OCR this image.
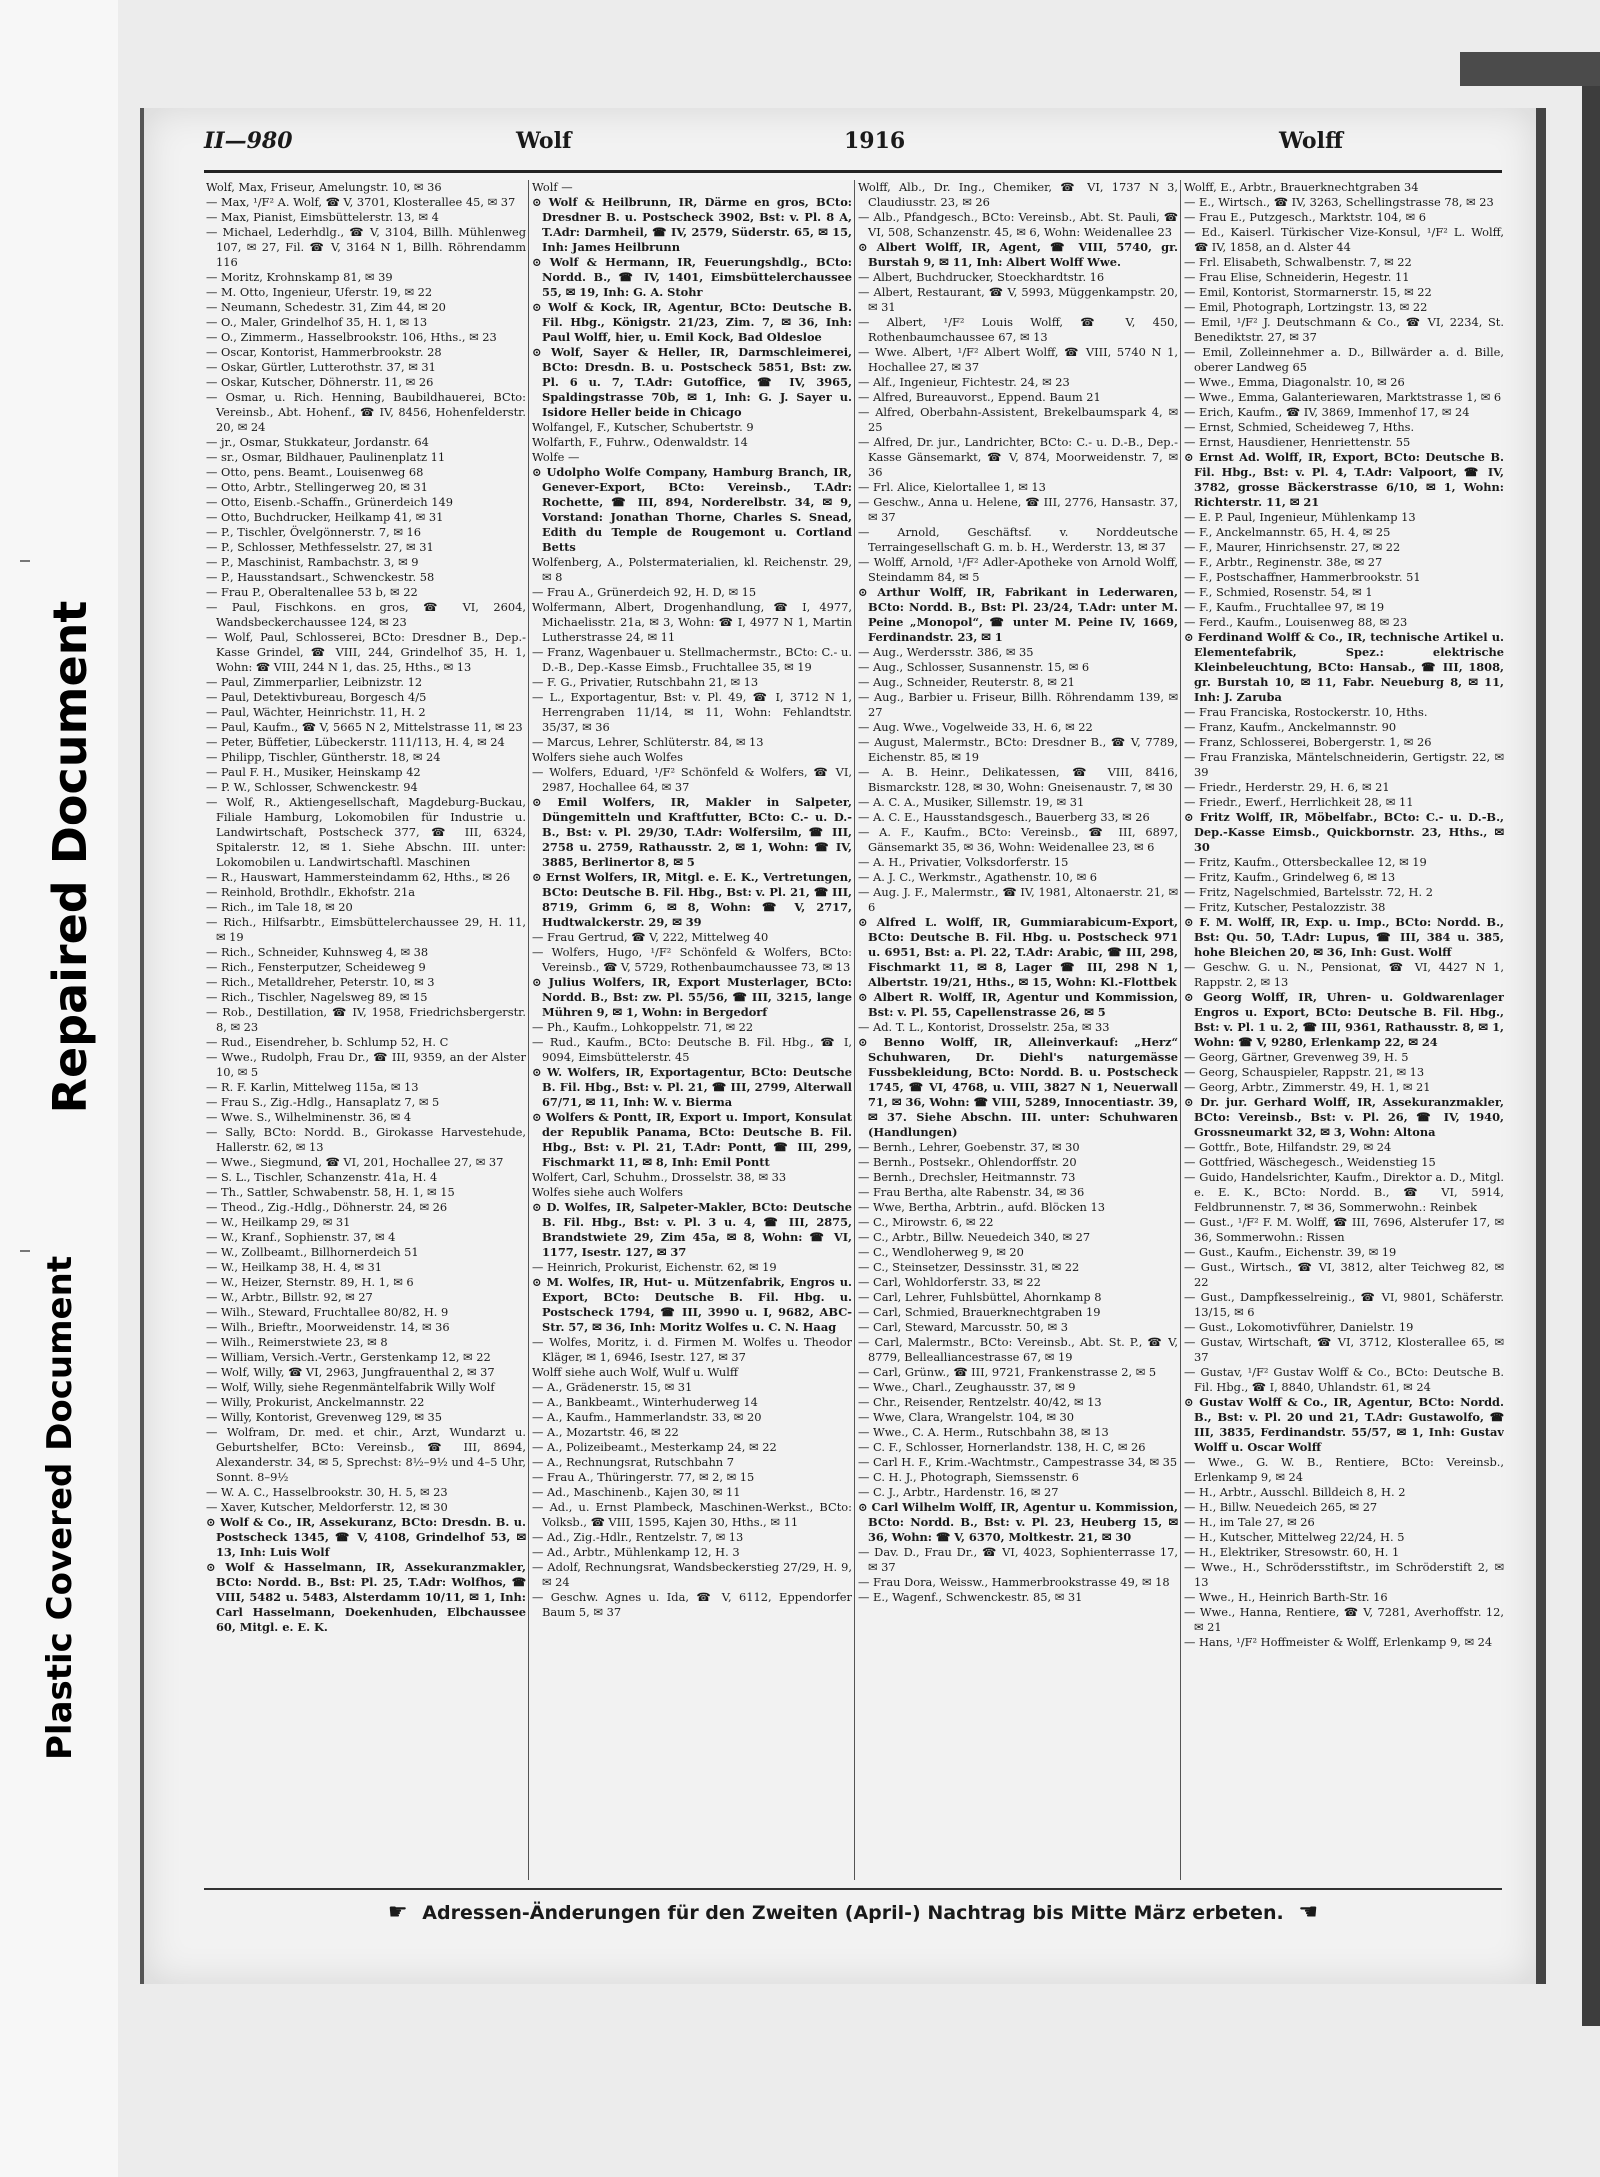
Repaired Document
Plastic Covered Document
II—980	Wolf	1916	Wolff

Wolf, Max, Friseur, Amelungstr. 10, ✉ 36

— Max, ¹/F² A. Wolf, ☎ V, 3701, Klosterallee 45, ✉ 37

— Max, Pianist, Eimsbüttelerstr. 13, ✉ 4

— Michael, Lederhdlg., ☎ V, 3104, Billh. Mühlenweg 107, ✉ 27, Fil. ☎ V, 3164 N 1, Billh. Röhrendamm 116

— Moritz, Krohnskamp 81, ✉ 39

— M. Otto, Ingenieur, Uferstr. 19, ✉ 22

— Neumann, Schedestr. 31, Zim 44, ✉ 20

— O., Maler, Grindelhof 35, H. 1, ✉ 13

— O., Zimmerm., Hasselbrookstr. 106, Hths., ✉ 23

— Oscar, Kontorist, Hammerbrookstr. 28

— Oskar, Gürtler, Lutterothstr. 37, ✉ 31

— Oskar, Kutscher, Döhnerstr. 11, ✉ 26

— Osmar, u. Rich. Henning, Baubildhauerei, BCto: Vereinsb., Abt. Hohenf., ☎ IV, 8456, Hohenfelderstr. 20, ✉ 24

— jr., Osmar, Stukkateur, Jordanstr. 64

— sr., Osmar, Bildhauer, Paulinenplatz 11

— Otto, pens. Beamt., Louisenweg 68

— Otto, Arbtr., Stellingerweg 20, ✉ 31

— Otto, Eisenb.-Schaffn., Grünerdeich 149

— Otto, Buchdrucker, Heilkamp 41, ✉ 31

— P., Tischler, Övelgönnerstr. 7, ✉ 16

— P., Schlosser, Methfesselstr. 27, ✉ 31

— P., Maschinist, Rambachstr. 3, ✉ 9

— P., Hausstandsart., Schwenckestr. 58

— Frau P., Oberaltenallee 53 b, ✉ 22

— Paul, Fischkons. en gros, ☎ VI, 2604, Wandsbeckerchaussee 124, ✉ 23

— Wolf, Paul, Schlosserei, BCto: Dresdner B., Dep.-Kasse Grindel, ☎ VIII, 244, Grindelhof 35, H. 1, Wohn: ☎ VIII, 244 N 1, das. 25, Hths., ✉ 13

— Paul, Zimmerparlier, Leibnizstr. 12

— Paul, Detektivbureau, Borgesch 4/5

— Paul, Wächter, Heinrichstr. 11, H. 2

— Paul, Kaufm., ☎ V, 5665 N 2, Mittelstrasse 11, ✉ 23

— Peter, Büffetier, Lübeckerstr. 111/113, H. 4, ✉ 24

— Philipp, Tischler, Güntherstr. 18, ✉ 24

— Paul F. H., Musiker, Heinskamp 42

— P. W., Schlosser, Schwenckestr. 94

— Wolf, R., Aktiengesellschaft, Magdeburg-Buckau, Filiale Hamburg, Lokomobilen für Industrie u. Landwirtschaft, Postscheck 377, ☎ III, 6324, Spitalerstr. 12, ✉ 1. Siehe Abschn. III. unter: Lokomobilen u. Landwirtschaftl. Maschinen

— R., Hauswart, Hammersteindamm 62, Hths., ✉ 26

— Reinhold, Brothdlr., Ekhofstr. 21a

— Rich., im Tale 18, ✉ 20

— Rich., Hilfsarbtr., Eimsbüttelerchaussee 29, H. 11, ✉ 19

— Rich., Schneider, Kuhnsweg 4, ✉ 38

— Rich., Fensterputzer, Scheideweg 9

— Rich., Metalldreher, Peterstr. 10, ✉ 3

— Rich., Tischler, Nagelsweg 89, ✉ 15

— Rob., Destillation, ☎ IV, 1958, Friedrichsbergerstr. 8, ✉ 23

— Rud., Eisendreher, b. Schlump 52, H. C

— Wwe., Rudolph, Frau Dr., ☎ III, 9359, an der Alster 10, ✉ 5

— R. F. Karlin, Mittelweg 115a, ✉ 13

— Frau S., Zig.-Hdlg., Hansaplatz 7, ✉ 5

— Wwe. S., Wilhelminenstr. 36, ✉ 4

— Sally, BCto: Nordd. B., Girokasse Harvestehude, Hallerstr. 62, ✉ 13

— Wwe., Siegmund, ☎ VI, 201, Hochallee 27, ✉ 37

— S. L., Tischler, Schanzenstr. 41a, H. 4

— Th., Sattler, Schwabenstr. 58, H. 1, ✉ 15

— Theod., Zig.-Hdlg., Döhnerstr. 24, ✉ 26

— W., Heilkamp 29, ✉ 31

— W., Kranf., Sophienstr. 37, ✉ 4

— W., Zollbeamt., Billhornerdeich 51

— W., Heilkamp 38, H. 4, ✉ 31

— W., Heizer, Sternstr. 89, H. 1, ✉ 6

— W., Arbtr., Billstr. 92, ✉ 27

— Wilh., Steward, Fruchtallee 80/82, H. 9

— Wilh., Brieftr., Moorweidenstr. 14, ✉ 36

— Wilh., Reimerstwiete 23, ✉ 8

— William, Versich.-Vertr., Gerstenkamp 12, ✉ 22

— Wolf, Willy, ☎ VI, 2963, Jungfrauenthal 2, ✉ 37

— Wolf, Willy, siehe Regenmäntelfabrik Willy Wolf

— Willy, Prokurist, Anckelmannstr. 22

— Willy, Kontorist, Grevenweg 129, ✉ 35

— Wolfram, Dr. med. et chir., Arzt, Wundarzt u. Geburtshelfer, BCto: Vereinsb., ☎ III, 8694, Alexanderstr. 34, ✉ 5, Sprechst: 8½–9½ und 4–5 Uhr, Sonnt. 8–9½

— W. A. C., Hasselbrookstr. 30, H. 5, ✉ 23

— Xaver, Kutscher, Meldorferstr. 12, ✉ 30

⊙ Wolf & Co., IR, Assekuranz, BCto: Dresdn. B. u. Postscheck 1345, ☎ V, 4108, Grindelhof 53, ✉ 13, Inh: Luis Wolf

⊙ Wolf & Hasselmann, IR, Assekuranzmakler, BCto: Nordd. B., Bst: Pl. 25, T.Adr: Wolfhos, ☎ VIII, 5482 u. 5483, Alsterdamm 10/11, ✉ 1, Inh: Carl Hasselmann, Doekenhuden, Elbchaussee 60, Mitgl. e. E. K.

Wolf —

⊙ Wolf & Heilbrunn, IR, Därme en gros, BCto: Dresdner B. u. Postscheck 3902, Bst: v. Pl. 8 A, T.Adr: Darmheil, ☎ IV, 2579, Süderstr. 65, ✉ 15, Inh: James Heilbrunn

⊙ Wolf & Hermann, IR, Feuerungshdlg., BCto: Nordd. B., ☎ IV, 1401, Eimsbüttelerchaussee 55, ✉ 19, Inh: G. A. Stohr

⊙ Wolf & Kock, IR, Agentur, BCto: Deutsche B. Fil. Hbg., Königstr. 21/23, Zim. 7, ✉ 36, Inh: Paul Wolff, hier, u. Emil Kock, Bad Oldesloe

⊙ Wolf, Sayer & Heller, IR, Darmschleimerei, BCto: Dresdn. B. u. Postscheck 5851, Bst: zw. Pl. 6 u. 7, T.Adr: Gutoffice, ☎ IV, 3965, Spaldingstrasse 70b, ✉ 1, Inh: G. J. Sayer u. Isidore Heller beide in Chicago

Wolfangel, F., Kutscher, Schubertstr. 9

Wolfarth, F., Fuhrw., Odenwaldstr. 14

Wolfe —

⊙ Udolpho Wolfe Company, Hamburg Branch, IR, Genever-Export, BCto: Vereinsb., T.Adr: Rochette, ☎ III, 894, Norderelbstr. 34, ✉ 9, Vorstand: Jonathan Thorne, Charles S. Snead, Edith du Temple de Rougemont u. Cortland Betts

Wolfenberg, A., Polstermaterialien, kl. Reichenstr. 29, ✉ 8

— Frau A., Grünerdeich 92, H. D, ✉ 15

Wolfermann, Albert, Drogenhandlung, ☎ I, 4977, Michaelisstr. 21a, ✉ 3, Wohn: ☎ I, 4977 N 1, Martin Lutherstrasse 24, ✉ 11

— Franz, Wagenbauer u. Stellmachermstr., BCto: C.- u. D.-B., Dep.-Kasse Eimsb., Fruchtallee 35, ✉ 19

— F. G., Privatier, Rutschbahn 21, ✉ 13

— L., Exportagentur, Bst: v. Pl. 49, ☎ I, 3712 N 1, Herrengraben 11/14, ✉ 11, Wohn: Fehlandtstr. 35/37, ✉ 36

— Marcus, Lehrer, Schlüterstr. 84, ✉ 13

Wolfers siehe auch Wolfes

— Wolfers, Eduard, ¹/F² Schönfeld & Wolfers, ☎ VI, 2987, Hochallee 64, ✉ 37

⊙ Emil Wolfers, IR, Makler in Salpeter, Düngemitteln und Kraftfutter, BCto: C.- u. D.-B., Bst: v. Pl. 29/30, T.Adr: Wolfersilm, ☎ III, 2758 u. 2759, Rathausstr. 2, ✉ 1, Wohn: ☎ IV, 3885, Berlinertor 8, ✉ 5

⊙ Ernst Wolfers, IR, Mitgl. e. E. K., Vertretungen, BCto: Deutsche B. Fil. Hbg., Bst: v. Pl. 21, ☎ III, 8719, Grimm 6, ✉ 8, Wohn: ☎ V, 2717, Hudtwalckerstr. 29, ✉ 39

— Frau Gertrud, ☎ V, 222, Mittelweg 40

— Wolfers, Hugo, ¹/F² Schönfeld & Wolfers, BCto: Vereinsb., ☎ V, 5729, Rothenbaumchaussee 73, ✉ 13

⊙ Julius Wolfers, IR, Export Musterlager, BCto: Nordd. B., Bst: zw. Pl. 55/56, ☎ III, 3215, lange Mühren 9, ✉ 1, Wohn: in Bergedorf

— Ph., Kaufm., Lohkoppelstr. 71, ✉ 22

— Rud., Kaufm., BCto: Deutsche B. Fil. Hbg., ☎ I, 9094, Eimsbüttelerstr. 45

⊙ W. Wolfers, IR, Exportagentur, BCto: Deutsche B. Fil. Hbg., Bst: v. Pl. 21, ☎ III, 2799, Alterwall 67/71, ✉ 11, Inh: W. v. Bierma

⊙ Wolfers & Pontt, IR, Export u. Import, Konsulat der Republik Panama, BCto: Deutsche B. Fil. Hbg., Bst: v. Pl. 21, T.Adr: Pontt, ☎ III, 299, Fischmarkt 11, ✉ 8, Inh: Emil Pontt

Wolfert, Carl, Schuhm., Drosselstr. 38, ✉ 33

Wolfes siehe auch Wolfers

⊙ D. Wolfes, IR, Salpeter-Makler, BCto: Deutsche B. Fil. Hbg., Bst: v. Pl. 3 u. 4, ☎ III, 2875, Brandstwiete 29, Zim 45a, ✉ 8, Wohn: ☎ VI, 1177, Isestr. 127, ✉ 37

— Heinrich, Prokurist, Eichenstr. 62, ✉ 19

⊙ M. Wolfes, IR, Hut- u. Mützenfabrik, Engros u. Export, BCto: Deutsche B. Fil. Hbg. u. Postscheck 1794, ☎ III, 3990 u. I, 9682, ABC-Str. 57, ✉ 36, Inh: Moritz Wolfes u. C. N. Haag

— Wolfes, Moritz, i. d. Firmen M. Wolfes u. Theodor Kläger, ✉ 1, 6946, Isestr. 127, ✉ 37

Wolff siehe auch Wolf, Wulf u. Wulff

— A., Grädenerstr. 15, ✉ 31

— A., Bankbeamt., Winterhuderweg 14

— A., Kaufm., Hammerlandstr. 33, ✉ 20

— A., Mozartstr. 46, ✉ 22

— A., Polizeibeamt., Mesterkamp 24, ✉ 22

— A., Rechnungsrat, Rutschbahn 7

— Frau A., Thüringerstr. 77, ✉ 2, ✉ 15

— Ad., Maschinenb., Kajen 30, ✉ 11

— Ad., u. Ernst Plambeck, Maschinen-Werkst., BCto: Volksb., ☎ VIII, 1595, Kajen 30, Hths., ✉ 11

— Ad., Zig.-Hdlr., Rentzelstr. 7, ✉ 13

— Ad., Arbtr., Mühlenkamp 12, H. 3

— Adolf, Rechnungsrat, Wandsbeckerstieg 27/29, H. 9, ✉ 24

— Geschw. Agnes u. Ida, ☎ V, 6112, Eppendorfer Baum 5, ✉ 37

Wolff, Alb., Dr. Ing., Chemiker, ☎ VI, 1737 N 3, Claudiusstr. 23, ✉ 26

— Alb., Pfandgesch., BCto: Vereinsb., Abt. St. Pauli, ☎ VI, 508, Schanzenstr. 45, ✉ 6, Wohn: Weidenallee 23

⊙ Albert Wolff, IR, Agent, ☎ VIII, 5740, gr. Burstah 9, ✉ 11, Inh: Albert Wolff Wwe.

— Albert, Buchdrucker, Stoeckhardtstr. 16

— Albert, Restaurant, ☎ V, 5993, Müggenkampstr. 20, ✉ 31

— Albert, ¹/F² Louis Wolff, ☎ V, 450, Rothenbaumchaussee 67, ✉ 13

— Wwe. Albert, ¹/F² Albert Wolff, ☎ VIII, 5740 N 1, Hochallee 27, ✉ 37

— Alf., Ingenieur, Fichtestr. 24, ✉ 23

— Alfred, Bureauvorst., Eppend. Baum 21

— Alfred, Oberbahn-Assistent, Brekelbaumspark 4, ✉ 25

— Alfred, Dr. jur., Landrichter, BCto: C.- u. D.-B., Dep.-Kasse Gänsemarkt, ☎ V, 874, Moorweidenstr. 7, ✉ 36

— Frl. Alice, Kielortallee 1, ✉ 13

— Geschw., Anna u. Helene, ☎ III, 2776, Hansastr. 37, ✉ 37

— Arnold, Geschäftsf. v. Norddeutsche Terraingesellschaft G. m. b. H., Werderstr. 13, ✉ 37

— Wolff, Arnold, ¹/F² Adler-Apotheke von Arnold Wolff, Steindamm 84, ✉ 5

⊙ Arthur Wolff, IR, Fabrikant in Lederwaren, BCto: Nordd. B., Bst: Pl. 23/24, T.Adr: unter M. Peine „Monopol“, ☎ unter M. Peine IV, 1669, Ferdinandstr. 23, ✉ 1

— Aug., Werdersstr. 386, ✉ 35

— Aug., Schlosser, Susannenstr. 15, ✉ 6

— Aug., Schneider, Reuterstr. 8, ✉ 21

— Aug., Barbier u. Friseur, Billh. Röhrendamm 139, ✉ 27

— Aug. Wwe., Vogelweide 33, H. 6, ✉ 22

— August, Malermstr., BCto: Dresdner B., ☎ V, 7789, Eichenstr. 85, ✉ 19

— A. B. Heinr., Delikatessen, ☎ VIII, 8416, Bismarckstr. 128, ✉ 30, Wohn: Gneisenaustr. 7, ✉ 30

— A. C. A., Musiker, Sillemstr. 19, ✉ 31

— A. C. E., Hausstandsgesch., Bauerberg 33, ✉ 26

— A. F., Kaufm., BCto: Vereinsb., ☎ III, 6897, Gänsemarkt 35, ✉ 36, Wohn: Weidenallee 23, ✉ 6

— A. H., Privatier, Volksdorferstr. 15

— A. J. C., Werkmstr., Agathenstr. 10, ✉ 6

— Aug. J. F., Malermstr., ☎ IV, 1981, Altonaerstr. 21, ✉ 6

⊙ Alfred L. Wolff, IR, Gummiarabicum-Export, BCto: Deutsche B. Fil. Hbg. u. Postscheck 971 u. 6951, Bst: a. Pl. 22, T.Adr: Arabic, ☎ III, 298, Fischmarkt 11, ✉ 8, Lager ☎ III, 298 N 1, Albertstr. 19/21, Hths., ✉ 15, Wohn: Kl.-Flottbek

⊙ Albert R. Wolff, IR, Agentur und Kommission, Bst: v. Pl. 55, Capellenstrasse 26, ✉ 5

— Ad. T. L., Kontorist, Drosselstr. 25a, ✉ 33

⊙ Benno Wolff, IR, Alleinverkauf: „Herz“ Schuhwaren, Dr. Diehl's naturgemässe Fussbekleidung, BCto: Nordd. B. u. Postscheck 1745, ☎ VI, 4768, u. VIII, 3827 N 1, Neuerwall 71, ✉ 36, Wohn: ☎ VIII, 5289, Innocentiastr. 39, ✉ 37. Siehe Abschn. III. unter: Schuhwaren (Handlungen)

— Bernh., Lehrer, Goebenstr. 37, ✉ 30

— Bernh., Postsekr., Ohlendorffstr. 20

— Bernh., Drechsler, Heitmannstr. 73

— Frau Bertha, alte Rabenstr. 34, ✉ 36

— Wwe, Bertha, Arbtrin., aufd. Blöcken 13

— C., Mirowstr. 6, ✉ 22

— C., Arbtr., Billw. Neuedeich 340, ✉ 27

— C., Wendloherweg 9, ✉ 20

— C., Steinsetzer, Dessinsstr. 31, ✉ 22

— Carl, Wohldorferstr. 33, ✉ 22

— Carl, Lehrer, Fuhlsbüttel, Ahornkamp 8

— Carl, Schmied, Brauerknechtgraben 19

— Carl, Steward, Marcusstr. 50, ✉ 3

— Carl, Malermstr., BCto: Vereinsb., Abt. St. P., ☎ V, 8779, Bellealliancestrasse 67, ✉ 19

— Carl, Grünw., ☎ III, 9721, Frankenstrasse 2, ✉ 5

— Wwe., Charl., Zeughausstr. 37, ✉ 9

— Chr., Reisender, Rentzelstr. 40/42, ✉ 13

— Wwe, Clara, Wrangelstr. 104, ✉ 30

— Wwe., C. A. Herm., Rutschbahn 38, ✉ 13

— C. F., Schlosser, Hornerlandstr. 138, H. C, ✉ 26

— Carl H. F., Krim.-Wachtmstr., Campestrasse 34, ✉ 35

— C. H. J., Photograph, Siemssenstr. 6

— C. J., Arbtr., Hardenstr. 16, ✉ 27

⊙ Carl Wilhelm Wolff, IR, Agentur u. Kommission, BCto: Nordd. B., Bst: v. Pl. 23, Heuberg 15, ✉ 36, Wohn: ☎ V, 6370, Moltkestr. 21, ✉ 30

— Dav. D., Frau Dr., ☎ VI, 4023, Sophienterrasse 17, ✉ 37

— Frau Dora, Weissw., Hammerbrookstrasse 49, ✉ 18

— E., Wagenf., Schwenckestr. 85, ✉ 31

Wolff, E., Arbtr., Brauerknechtgraben 34

— E., Wirtsch., ☎ IV, 3263, Schellingstrasse 78, ✉ 23

— Frau E., Putzgesch., Marktstr. 104, ✉ 6

— Ed., Kaiserl. Türkischer Vize-Konsul, ¹/F² L. Wolff, ☎ IV, 1858, an d. Alster 44

— Frl. Elisabeth, Schwalbenstr. 7, ✉ 22

— Frau Elise, Schneiderin, Hegestr. 11

— Emil, Kontorist, Stormarnerstr. 15, ✉ 22

— Emil, Photograph, Lortzingstr. 13, ✉ 22

— Emil, ¹/F² J. Deutschmann & Co., ☎ VI, 2234, St. Benediktstr. 27, ✉ 37

— Emil, Zolleinnehmer a. D., Billwärder a. d. Bille, oberer Landweg 65

— Wwe., Emma, Diagonalstr. 10, ✉ 26

— Wwe., Emma, Galanteriewaren, Marktstrasse 1, ✉ 6

— Erich, Kaufm., ☎ IV, 3869, Immenhof 17, ✉ 24

— Ernst, Schmied, Scheideweg 7, Hths.

— Ernst, Hausdiener, Henriettenstr. 55

⊙ Ernst Ad. Wolff, IR, Export, BCto: Deutsche B. Fil. Hbg., Bst: v. Pl. 4, T.Adr: Valpoort, ☎ IV, 3782, grosse Bäckerstrasse 6/10, ✉ 1, Wohn: Richterstr. 11, ✉ 21

— E. P. Paul, Ingenieur, Mühlenkamp 13

— F., Anckelmannstr. 65, H. 4, ✉ 25

— F., Maurer, Hinrichsenstr. 27, ✉ 22

— F., Arbtr., Reginenstr. 38e, ✉ 27

— F., Postschaffner, Hammerbrookstr. 51

— F., Schmied, Rosenstr. 54, ✉ 1

— F., Kaufm., Fruchtallee 97, ✉ 19

— Ferd., Kaufm., Louisenweg 88, ✉ 23

⊙ Ferdinand Wolff & Co., IR, technische Artikel u. Elementefabrik, Spez.: elektrische Kleinbeleuchtung, BCto: Hansab., ☎ III, 1808, gr. Burstah 10, ✉ 11, Fabr. Neueburg 8, ✉ 11, Inh: J. Zaruba

— Frau Franciska, Rostockerstr. 10, Hths.

— Franz, Kaufm., Anckelmannstr. 90

— Franz, Schlosserei, Bobergerstr. 1, ✉ 26

— Frau Franziska, Mäntelschneiderin, Gertigstr. 22, ✉ 39

— Friedr., Herderstr. 29, H. 6, ✉ 21

— Friedr., Ewerf., Herrlichkeit 28, ✉ 11

⊙ Fritz Wolff, IR, Möbelfabr., BCto: C.- u. D.-B., Dep.-Kasse Eimsb., Quickbornstr. 23, Hths., ✉ 30

— Fritz, Kaufm., Ottersbeckallee 12, ✉ 19

— Fritz, Kaufm., Grindelweg 6, ✉ 13

— Fritz, Nagelschmied, Bartelsstr. 72, H. 2

— Fritz, Kutscher, Pestalozzistr. 38

⊙ F. M. Wolff, IR, Exp. u. Imp., BCto: Nordd. B., Bst: Qu. 50, T.Adr: Lupus, ☎ III, 384 u. 385, hohe Bleichen 20, ✉ 36, Inh: Gust. Wolff

— Geschw. G. u. N., Pensionat, ☎ VI, 4427 N 1, Rappstr. 2, ✉ 13

⊙ Georg Wolff, IR, Uhren- u. Goldwarenlager Engros u. Export, BCto: Deutsche B. Fil. Hbg., Bst: v. Pl. 1 u. 2, ☎ III, 9361, Rathausstr. 8, ✉ 1, Wohn: ☎ V, 9280, Erlenkamp 22, ✉ 24

— Georg, Gärtner, Grevenweg 39, H. 5

— Georg, Schauspieler, Rappstr. 21, ✉ 13

— Georg, Arbtr., Zimmerstr. 49, H. 1, ✉ 21

⊙ Dr. jur. Gerhard Wolff, IR, Assekuranzmakler, BCto: Vereinsb., Bst: v. Pl. 26, ☎ IV, 1940, Grossneumarkt 32, ✉ 3, Wohn: Altona

— Gottfr., Bote, Hilfandstr. 29, ✉ 24

— Gottfried, Wäschegesch., Weidenstieg 15

— Guido, Handelsrichter, Kaufm., Direktor a. D., Mitgl. e. E. K., BCto: Nordd. B., ☎ VI, 5914, Feldbrunnenstr. 7, ✉ 36, Sommerwohn.: Reinbek

— Gust., ¹/F² F. M. Wolff, ☎ III, 7696, Alsterufer 17, ✉ 36, Sommerwohn.: Rissen

— Gust., Kaufm., Eichenstr. 39, ✉ 19

— Gust., Wirtsch., ☎ VI, 3812, alter Teichweg 82, ✉ 22

— Gust., Dampfkesselreinig., ☎ VI, 9801, Schäferstr. 13/15, ✉ 6

— Gust., Lokomotivführer, Danielstr. 19

— Gustav, Wirtschaft, ☎ VI, 3712, Klosterallee 65, ✉ 37

— Gustav, ¹/F² Gustav Wolff & Co., BCto: Deutsche B. Fil. Hbg., ☎ I, 8840, Uhlandstr. 61, ✉ 24

⊙ Gustav Wolff & Co., IR, Agentur, BCto: Nordd. B., Bst: v. Pl. 20 und 21, T.Adr: Gustawolfo, ☎ III, 3835, Ferdinandstr. 55/57, ✉ 1, Inh: Gustav Wolff u. Oscar Wolff

— Wwe., G. W. B., Rentiere, BCto: Vereinsb., Erlenkamp 9, ✉ 24

— H., Arbtr., Ausschl. Billdeich 8, H. 2

— H., Billw. Neuedeich 265, ✉ 27

— H., im Tale 27, ✉ 26

— H., Kutscher, Mittelweg 22/24, H. 5

— H., Elektriker, Stresowstr. 60, H. 1

— Wwe., H., Schrödersstiftstr., im Schröderstift 2, ✉ 13

— Wwe., H., Heinrich Barth-Str. 16

— Wwe., Hanna, Rentiere, ☎ V, 7281, Averhoffstr. 12, ✉ 21

— Hans, ¹/F² Hoffmeister & Wolff, Erlenkamp 9, ✉ 24

☛ Adressen-Änderungen für den Zweiten (April-) Nachtrag bis Mitte März erbeten. ☚
